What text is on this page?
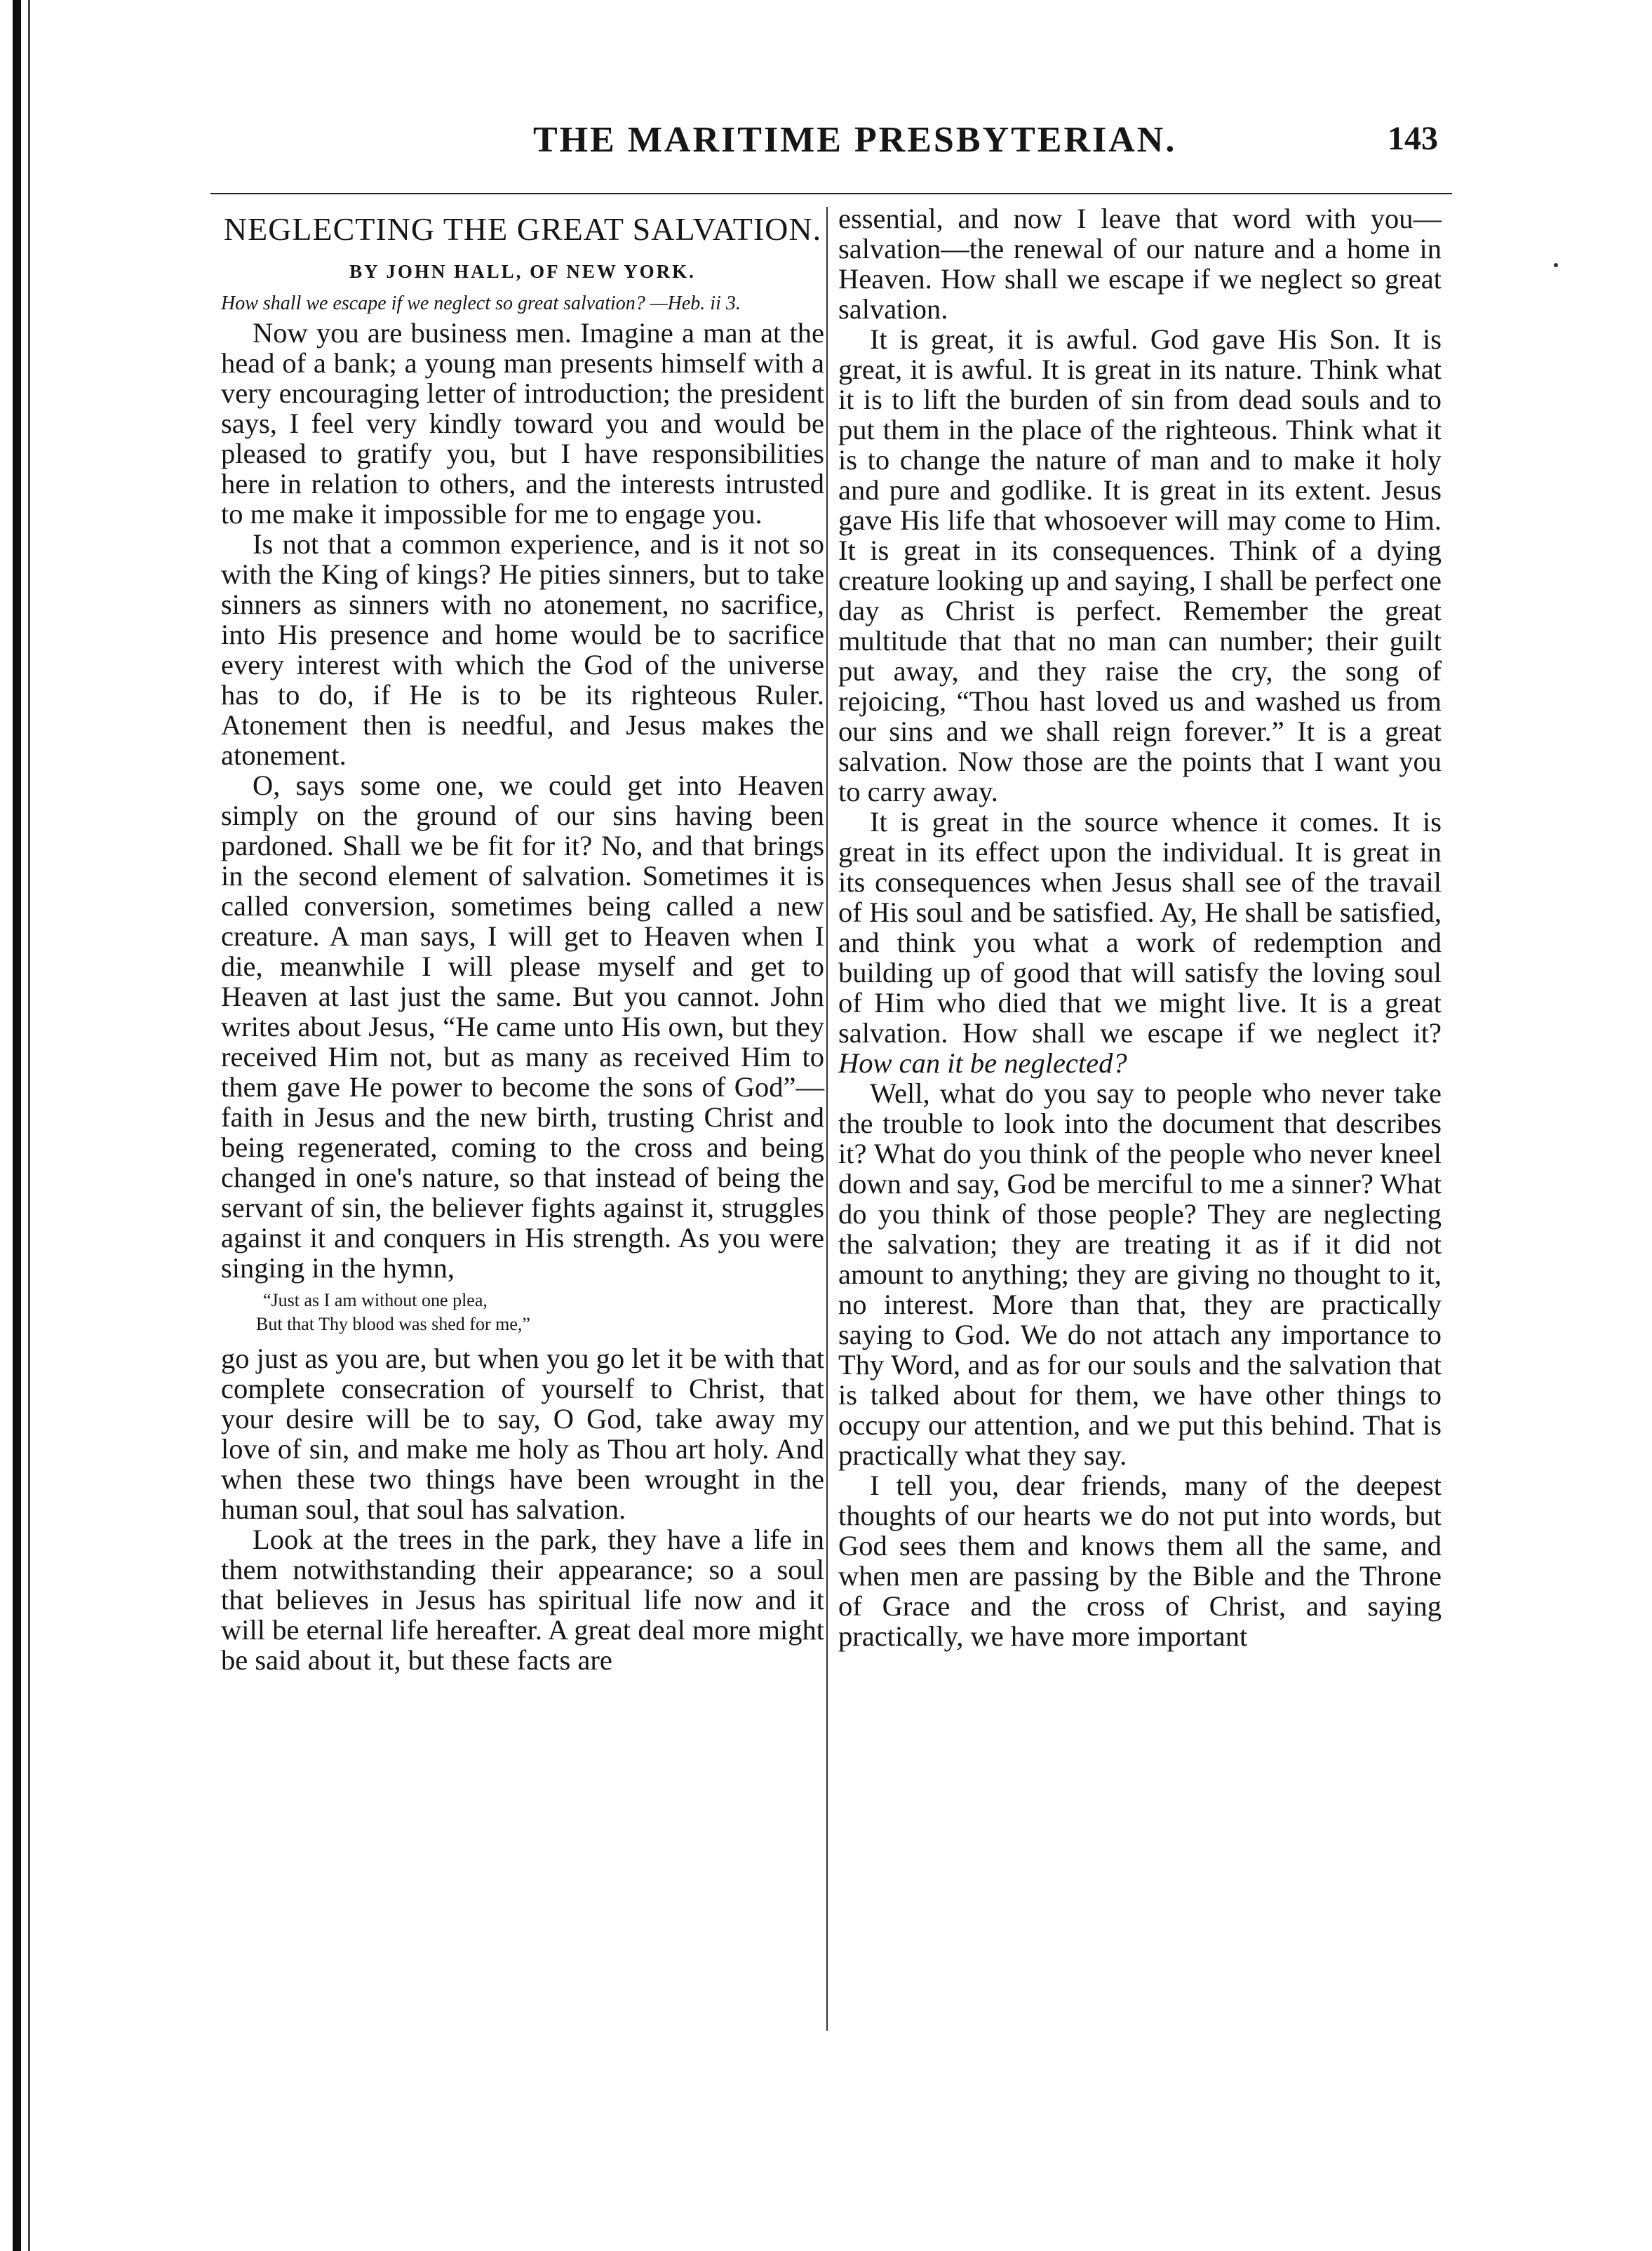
THE MARITIME PRESBYTERIAN.	143
NEGLECTING THE GREAT SALVATION.
BY JOHN HALL, OF NEW YORK.

How shall we escape if we neglect so great salvation? —Heb. ii 3.

Now you are business men. Imagine a man at the head of a bank; a young man presents himself with a very encouraging letter of introduction; the president says, I feel very kindly toward you and would be pleased to gratify you, but I have responsibilities here in relation to others, and the interests intrusted to me make it impossible for me to engage you.

Is not that a common experience, and is it not so with the King of kings? He pities sinners, but to take sinners as sinners with no atonement, no sacrifice, into His presence and home would be to sacrifice every interest with which the God of the universe has to do, if He is to be its righteous Ruler. Atonement then is needful, and Jesus makes the atonement.

O, says some one, we could get into Heaven simply on the ground of our sins having been pardoned. Shall we be fit for it? No, and that brings in the second element of salvation. Sometimes it is called conversion, sometimes being called a new creature. A man says, I will get to Heaven when I die, meanwhile I will please myself and get to Heaven at last just the same. But you cannot. John writes about Jesus, “He came unto His own, but they received Him not, but as many as received Him to them gave He power to become the sons of God”—faith in Jesus and the new birth, trusting Christ and being regenerated, coming to the cross and being changed in one's nature, so that instead of being the servant of sin, the believer fights against it, struggles against it and conquers in His strength. As you were singing in the hymn,

“Just as I am without one plea,
But that Thy blood was shed for me,”

go just as you are, but when you go let it be with that complete consecration of yourself to Christ, that your desire will be to say, O God, take away my love of sin, and make me holy as Thou art holy. And when these two things have been wrought in the human soul, that soul has salvation.

Look at the trees in the park, they have a life in them notwithstanding their appearance; so a soul that believes in Jesus has spiritual life now and it will be eternal life hereafter. A great deal more might be said about it, but these facts are

essential, and now I leave that word with you—salvation—the renewal of our nature and a home in Heaven. How shall we escape if we neglect so great salvation.

It is great, it is awful. God gave His Son. It is great, it is awful. It is great in its nature. Think what it is to lift the burden of sin from dead souls and to put them in the place of the righteous. Think what it is to change the nature of man and to make it holy and pure and godlike. It is great in its extent. Jesus gave His life that whosoever will may come to Him. It is great in its consequences. Think of a dying creature looking up and saying, I shall be perfect one day as Christ is perfect. Remember the great multitude that that no man can number; their guilt put away, and they raise the cry, the song of rejoicing, “Thou hast loved us and washed us from our sins and we shall reign forever.” It is a great salvation. Now those are the points that I want you to carry away.

It is great in the source whence it comes. It is great in its effect upon the individual. It is great in its consequences when Jesus shall see of the travail of His soul and be satisfied. Ay, He shall be satisfied, and think you what a work of redemption and building up of good that will satisfy the loving soul of Him who died that we might live. It is a great salvation. How shall we escape if we neglect it? How can it be neglected?

Well, what do you say to people who never take the trouble to look into the document that describes it? What do you think of the people who never kneel down and say, God be merciful to me a sinner? What do you think of those people? They are neglecting the salvation; they are treating it as if it did not amount to anything; they are giving no thought to it, no interest. More than that, they are practically saying to God. We do not attach any importance to Thy Word, and as for our souls and the salvation that is talked about for them, we have other things to occupy our attention, and we put this behind. That is practically what they say.

I tell you, dear friends, many of the deepest thoughts of our hearts we do not put into words, but God sees them and knows them all the same, and when men are passing by the Bible and the Throne of Grace and the cross of Christ, and saying practically, we have more important
